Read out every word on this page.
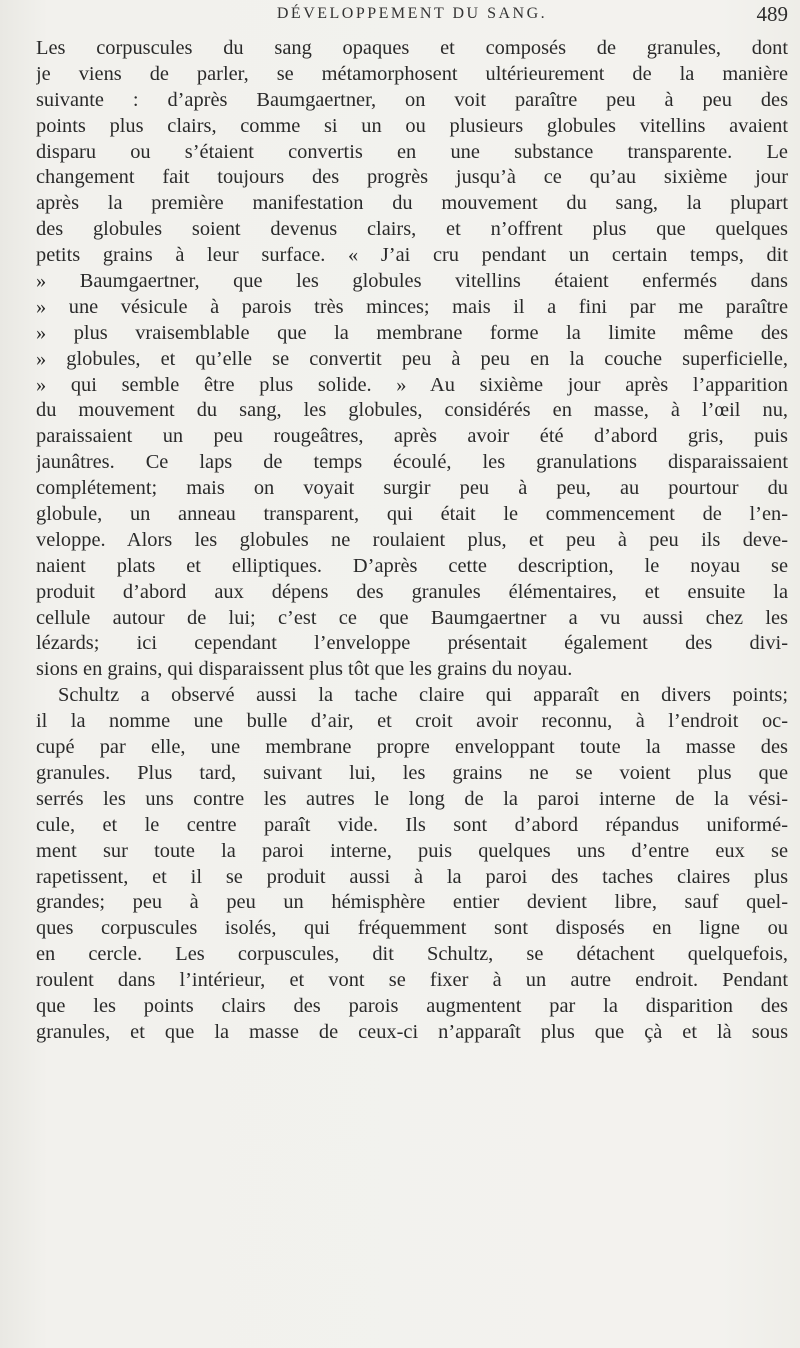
DÉVELOPPEMENT DU SANG.	489
Les corpuscules du sang opaques et composés de granules, dont
je viens de parler, se métamorphosent ultérieurement de la manière
suivante : d’après Baumgaertner, on voit paraître peu à peu des
points plus clairs, comme si un ou plusieurs globules vitellins avaient
disparu ou s’étaient convertis en une substance transparente. Le
changement fait toujours des progrès jusqu’à ce qu’au sixième jour
après la première manifestation du mouvement du sang, la plupart
des globules soient devenus clairs, et n’offrent plus que quelques
petits grains à leur surface. « J’ai cru pendant un certain temps, dit
» Baumgaertner, que les globules vitellins étaient enfermés dans
» une vésicule à parois très minces; mais il a fini par me paraître
» plus vraisemblable que la membrane forme la limite même des
» globules, et qu’elle se convertit peu à peu en la couche superficielle,
» qui semble être plus solide. » Au sixième jour après l’apparition
du mouvement du sang, les globules, considérés en masse, à l’œil nu,
paraissaient un peu rougeâtres, après avoir été d’abord gris, puis
jaunâtres. Ce laps de temps écoulé, les granulations disparaissaient
complétement; mais on voyait surgir peu à peu, au pourtour du
globule, un anneau transparent, qui était le commencement de l’en-
veloppe. Alors les globules ne roulaient plus, et peu à peu ils deve-
naient plats et elliptiques. D’après cette description, le noyau se
produit d’abord aux dépens des granules élémentaires, et ensuite la
cellule autour de lui; c’est ce que Baumgaertner a vu aussi chez les
lézards; ici cependant l’enveloppe présentait également des divi-
sions en grains, qui disparaissent plus tôt que les grains du noyau.
Schultz a observé aussi la tache claire qui apparaît en divers points;
il la nomme une bulle d’air, et croit avoir reconnu, à l’endroit oc-
cupé par elle, une membrane propre enveloppant toute la masse des
granules. Plus tard, suivant lui, les grains ne se voient plus que
serrés les uns contre les autres le long de la paroi interne de la vési-
cule, et le centre paraît vide. Ils sont d’abord répandus uniformé-
ment sur toute la paroi interne, puis quelques uns d’entre eux se
rapetissent, et il se produit aussi à la paroi des taches claires plus
grandes; peu à peu un hémisphère entier devient libre, sauf quel-
ques corpuscules isolés, qui fréquemment sont disposés en ligne ou
en cercle. Les corpuscules, dit Schultz, se détachent quelquefois,
roulent dans l’intérieur, et vont se fixer à un autre endroit. Pendant
que les points clairs des parois augmentent par la disparition des
granules, et que la masse de ceux-ci n’apparaît plus que çà et là sous
